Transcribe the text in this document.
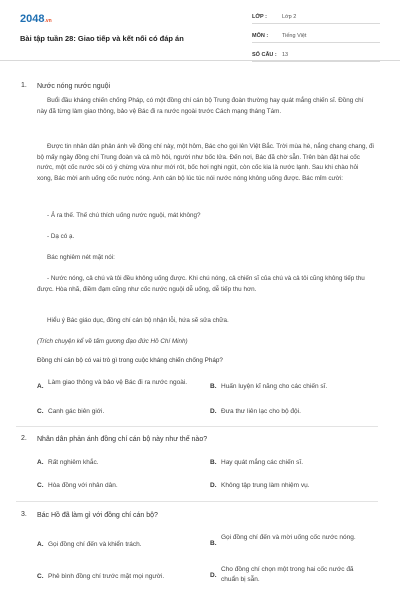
2048.vn
Bài tập tuần 28: Giao tiếp và kết nối có đáp án
LỚP :	Lớp 2
MÔN :	Tiếng Việt
SỐ CÂU : 13
1. Nước nóng nước nguội
Buổi đầu kháng chiến chống Pháp, có một đồng chí cán bộ Trung đoàn thường hay quát mắng chiến sĩ. Đồng chí này đã từng làm giao thông, bảo vệ Bác đi ra nước ngoài trước Cách mạng tháng Tám.
Được tin nhân dân phản ánh về đồng chí này, một hôm, Bác cho gọi lên Việt Bắc. Trời mùa hè, nắng chang chang, đi bộ mấy ngày đồng chí Trung đoàn và cả mồ hôi, người như bốc lửa. Đến nơi, Bác đã chờ sẵn. Trên bàn đặt hai cốc nước, một cốc nước sôi có ý chừng vừa như mới rót, bốc hơi nghi ngút, còn cốc kia là nước lạnh. Sau khi chào hỏi xong, Bác mời anh uống cốc nước nóng. Anh cán bộ lúc túc nói nước nóng không uống được. Bác mỉm cười:
- Ả ra thế. Thế chú thích uống nước nguội, mát không?
- Dạ có ạ.
Bác nghiêm nét mặt nói:
- Nước nóng, cả chú và tôi đều không uống được. Khi chú nóng, cả chiến sĩ của chú và cả tôi cũng không tiếp thu được. Hòa nhã, điềm đạm cũng như cốc nước nguội dễ uống, dễ tiếp thu hơn.
Hiểu ý Bác giáo dục, đồng chí cán bộ nhận lỗi, hứa sẽ sửa chữa.
(Trích chuyện kể về tấm gương đạo đức Hồ Chí Minh)
Đồng chí cán bộ có vai trò gì trong cuộc kháng chiến chống Pháp?
A.
Làm giao thông và bảo vệ Bác đi ra nước ngoài.
B. Huấn luyện kĩ năng cho các chiến sĩ.
C. Canh gác biên giới.	D. Đưa thư liên lạc cho bộ đội.
2. Nhân dân phản ánh đồng chí cán bộ này như thế nào?
A. Rất nghiêm khắc.	B. Hay quát mắng các chiến sĩ.
C. Hòa đồng với nhân dân.	D. Không tập trung làm nhiệm vụ.
3. Bác Hồ đã làm gì với đồng chí cán bộ?
A. Gọi đồng chí đến và khiển trách.	B.
Gọi đồng chí đến và mời uống cốc nước nóng.
C. Phê bình đồng chí trước mặt mọi người.	D.
Cho đồng chí chọn một trong hai cốc nước đã chuẩn bị sẵn.
